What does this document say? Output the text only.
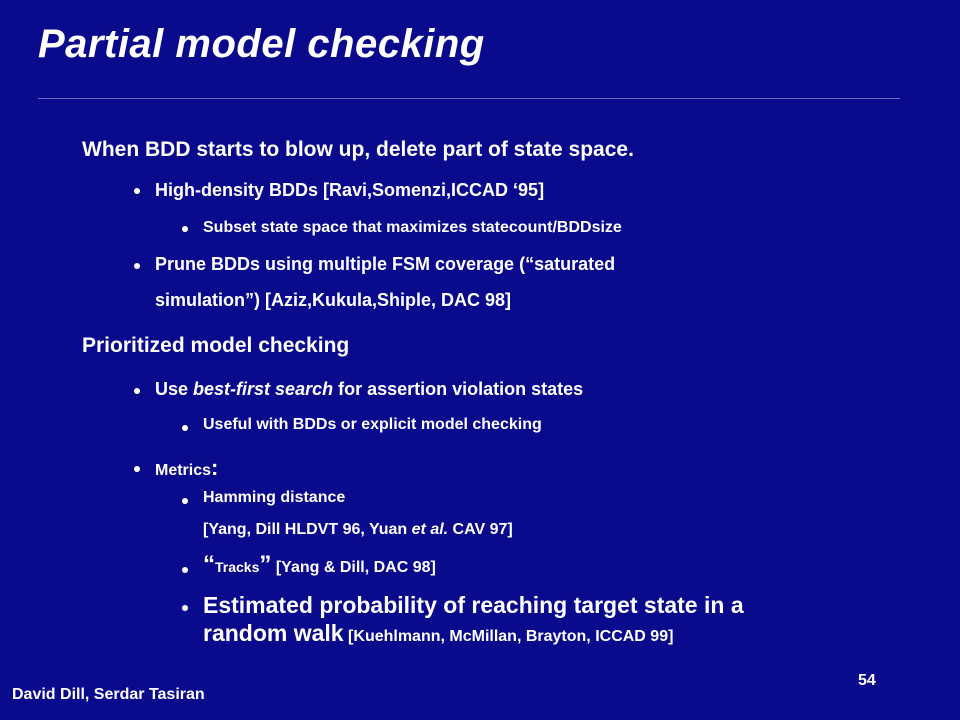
Partial model checking
When BDD starts to blow up, delete part of state space.
High-density BDDs [Ravi,Somenzi,ICCAD ‘95]
Subset state space that maximizes statecount/BDDsize
Prune BDDs using multiple FSM coverage (“saturated
simulation”) [Aziz,Kukula,Shiple, DAC 98]
Prioritized model checking
Use best-first search for assertion violation states
Useful with BDDs or explicit model checking
Metrics:
Hamming distance
[Yang, Dill HLDVT 96, Yuan et al. CAV 97]
“Tracks” [Yang & Dill, DAC 98]
Estimated probability of reaching target state in a
random walk [Kuehlmann, McMillan, Brayton, ICCAD 99]
David Dill, Serdar Tasiran
54
